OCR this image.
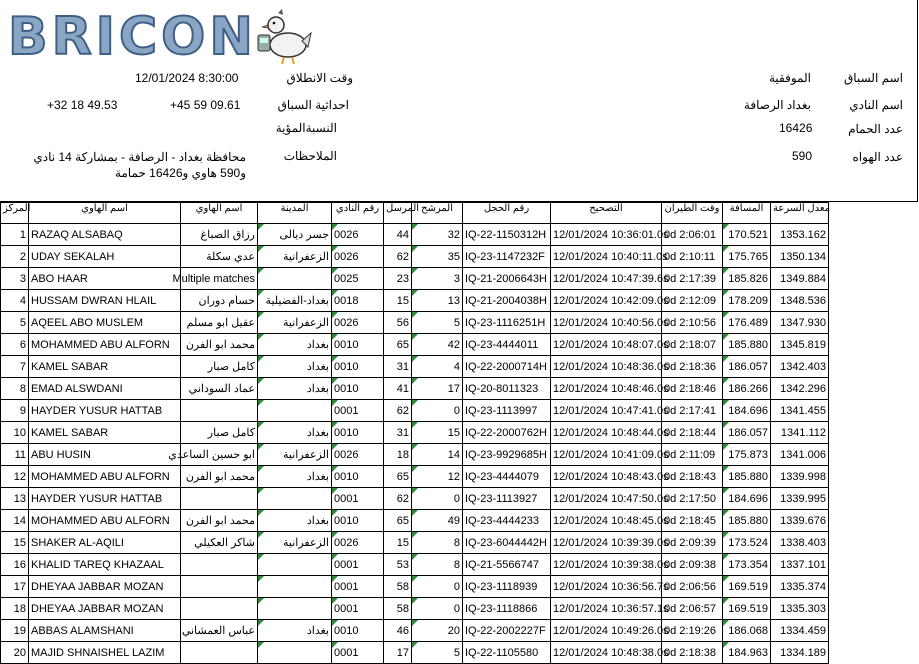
BRICON
اسم السباق
الموفقية
اسم النادي
بغداد الرصافة
عدد الحمام
16426
عدد الهواه
590
وقت الانطلاق
12/01/2024 8:30:00
احداثية السباق
+45 59 09.61
+32 18 49.53
النسبةالمؤية
الملاحظات
محافظة بغداد - الرصافة - بمشاركة 14 نادي و590 هاوي و16426 حمامة
المركز	اسم الهاوي	اسم الهاوي	المدينة	رقم النادي	المرسل	المرشح	رقم الحجل	التصحيح	وقت الطيران	المسافة	معدل السرعة
1	RAZAQ ALSABAQ	رزاق الصباغ	جسر ديالى	0026	44	32	IQ-22-1150312H	12/01/2024 10:36:01.0s	0d 2:06:01	170.521	1353.162
2	UDAY SEKALAH	عدي سكلة	الزعفرانية	0026	62	35	IQ-23-1147232F	12/01/2024 10:40:11.0s	0d 2:10:11	175.765	1350.134
3	ABO HAAR	Multiple matches		0025	23	3	IQ-21-2006643H	12/01/2024 10:47:39.6s	0d 2:17:39	185.826	1349.884
4	HUSSAM DWRAN HLAIL	حسام دوران	بغداد-الفضيلية	0018	15	13	IQ-21-2004038H	12/01/2024 10:42:09.0s	0d 2:12:09	178.209	1348.536
5	AQEEL ABO MUSLEM	عقيل ابو مسلم	الزعفرانية	0026	56	5	IQ-23-1116251H	12/01/2024 10:40:56.0s	0d 2:10:56	176.489	1347.930
6	MOHAMMED ABU ALFORN	محمد ابو الفرن	بغداد	0010	65	42	IQ-23-4444011	12/01/2024 10:48:07.0s	0d 2:18:07	185.880	1345.819
7	KAMEL SABAR	كامل صبار	بغداد	0010	31	4	IQ-22-2000714H	12/01/2024 10:48:36.0s	0d 2:18:36	186.057	1342.403
8	EMAD ALSWDANI	عماد السوداني	بغداد	0010	41	17	IQ-20-8011323	12/01/2024 10:48:46.0s	0d 2:18:46	186.266	1342.296
9	HAYDER YUSUR HATTAB			0001	62	0	IQ-23-1113997	12/01/2024 10:47:41.0s	0d 2:17:41	184.696	1341.455
10	KAMEL SABAR	كامل صبار	بغداد	0010	31	15	IQ-22-2000762H	12/01/2024 10:48:44.0s	0d 2:18:44	186.057	1341.112
11	ABU HUSIN	ابو حسين الساعدي	الزعفرانية	0026	18	14	IQ-23-9929685H	12/01/2024 10:41:09.0s	0d 2:11:09	175.873	1341.006
12	MOHAMMED ABU ALFORN	محمد ابو الفرن	بغداد	0010	65	12	IQ-23-4444079	12/01/2024 10:48:43.0s	0d 2:18:43	185.880	1339.998
13	HAYDER YUSUR HATTAB			0001	62	0	IQ-23-1113927	12/01/2024 10:47:50.0s	0d 2:17:50	184.696	1339.995
14	MOHAMMED ABU ALFORN	محمد ابو الفرن	بغداد	0010	65	49	IQ-23-4444233	12/01/2024 10:48:45.0s	0d 2:18:45	185.880	1339.676
15	SHAKER AL-AQILI	شاكر العكيلي	الزعفرانية	0026	15	8	IQ-23-6044442H	12/01/2024 10:39:39.0s	0d 2:09:39	173.524	1338.403
16	KHALID TAREQ KHAZAAL			0001	53	8	IQ-21-5566747	12/01/2024 10:39:38.0s	0d 2:09:38	173.354	1337.101
17	DHEYAA JABBAR MOZAN			0001	58	0	IQ-23-1118939	12/01/2024 10:36:56.7s	0d 2:06:56	169.519	1335.374
18	DHEYAA JABBAR MOZAN			0001	58	0	IQ-23-1118866	12/01/2024 10:36:57.1s	0d 2:06:57	169.519	1335.303
19	ABBAS ALAMSHANI	عباس العمشاني	بغداد	0010	46	20	IQ-22-2002227F	12/01/2024 10:49:26.0s	0d 2:19:26	186.068	1334.459
20	MAJID SHNAISHEL LAZIM			0001	17	5	IQ-22-1105580	12/01/2024 10:48:38.0s	0d 2:18:38	184.963	1334.189
